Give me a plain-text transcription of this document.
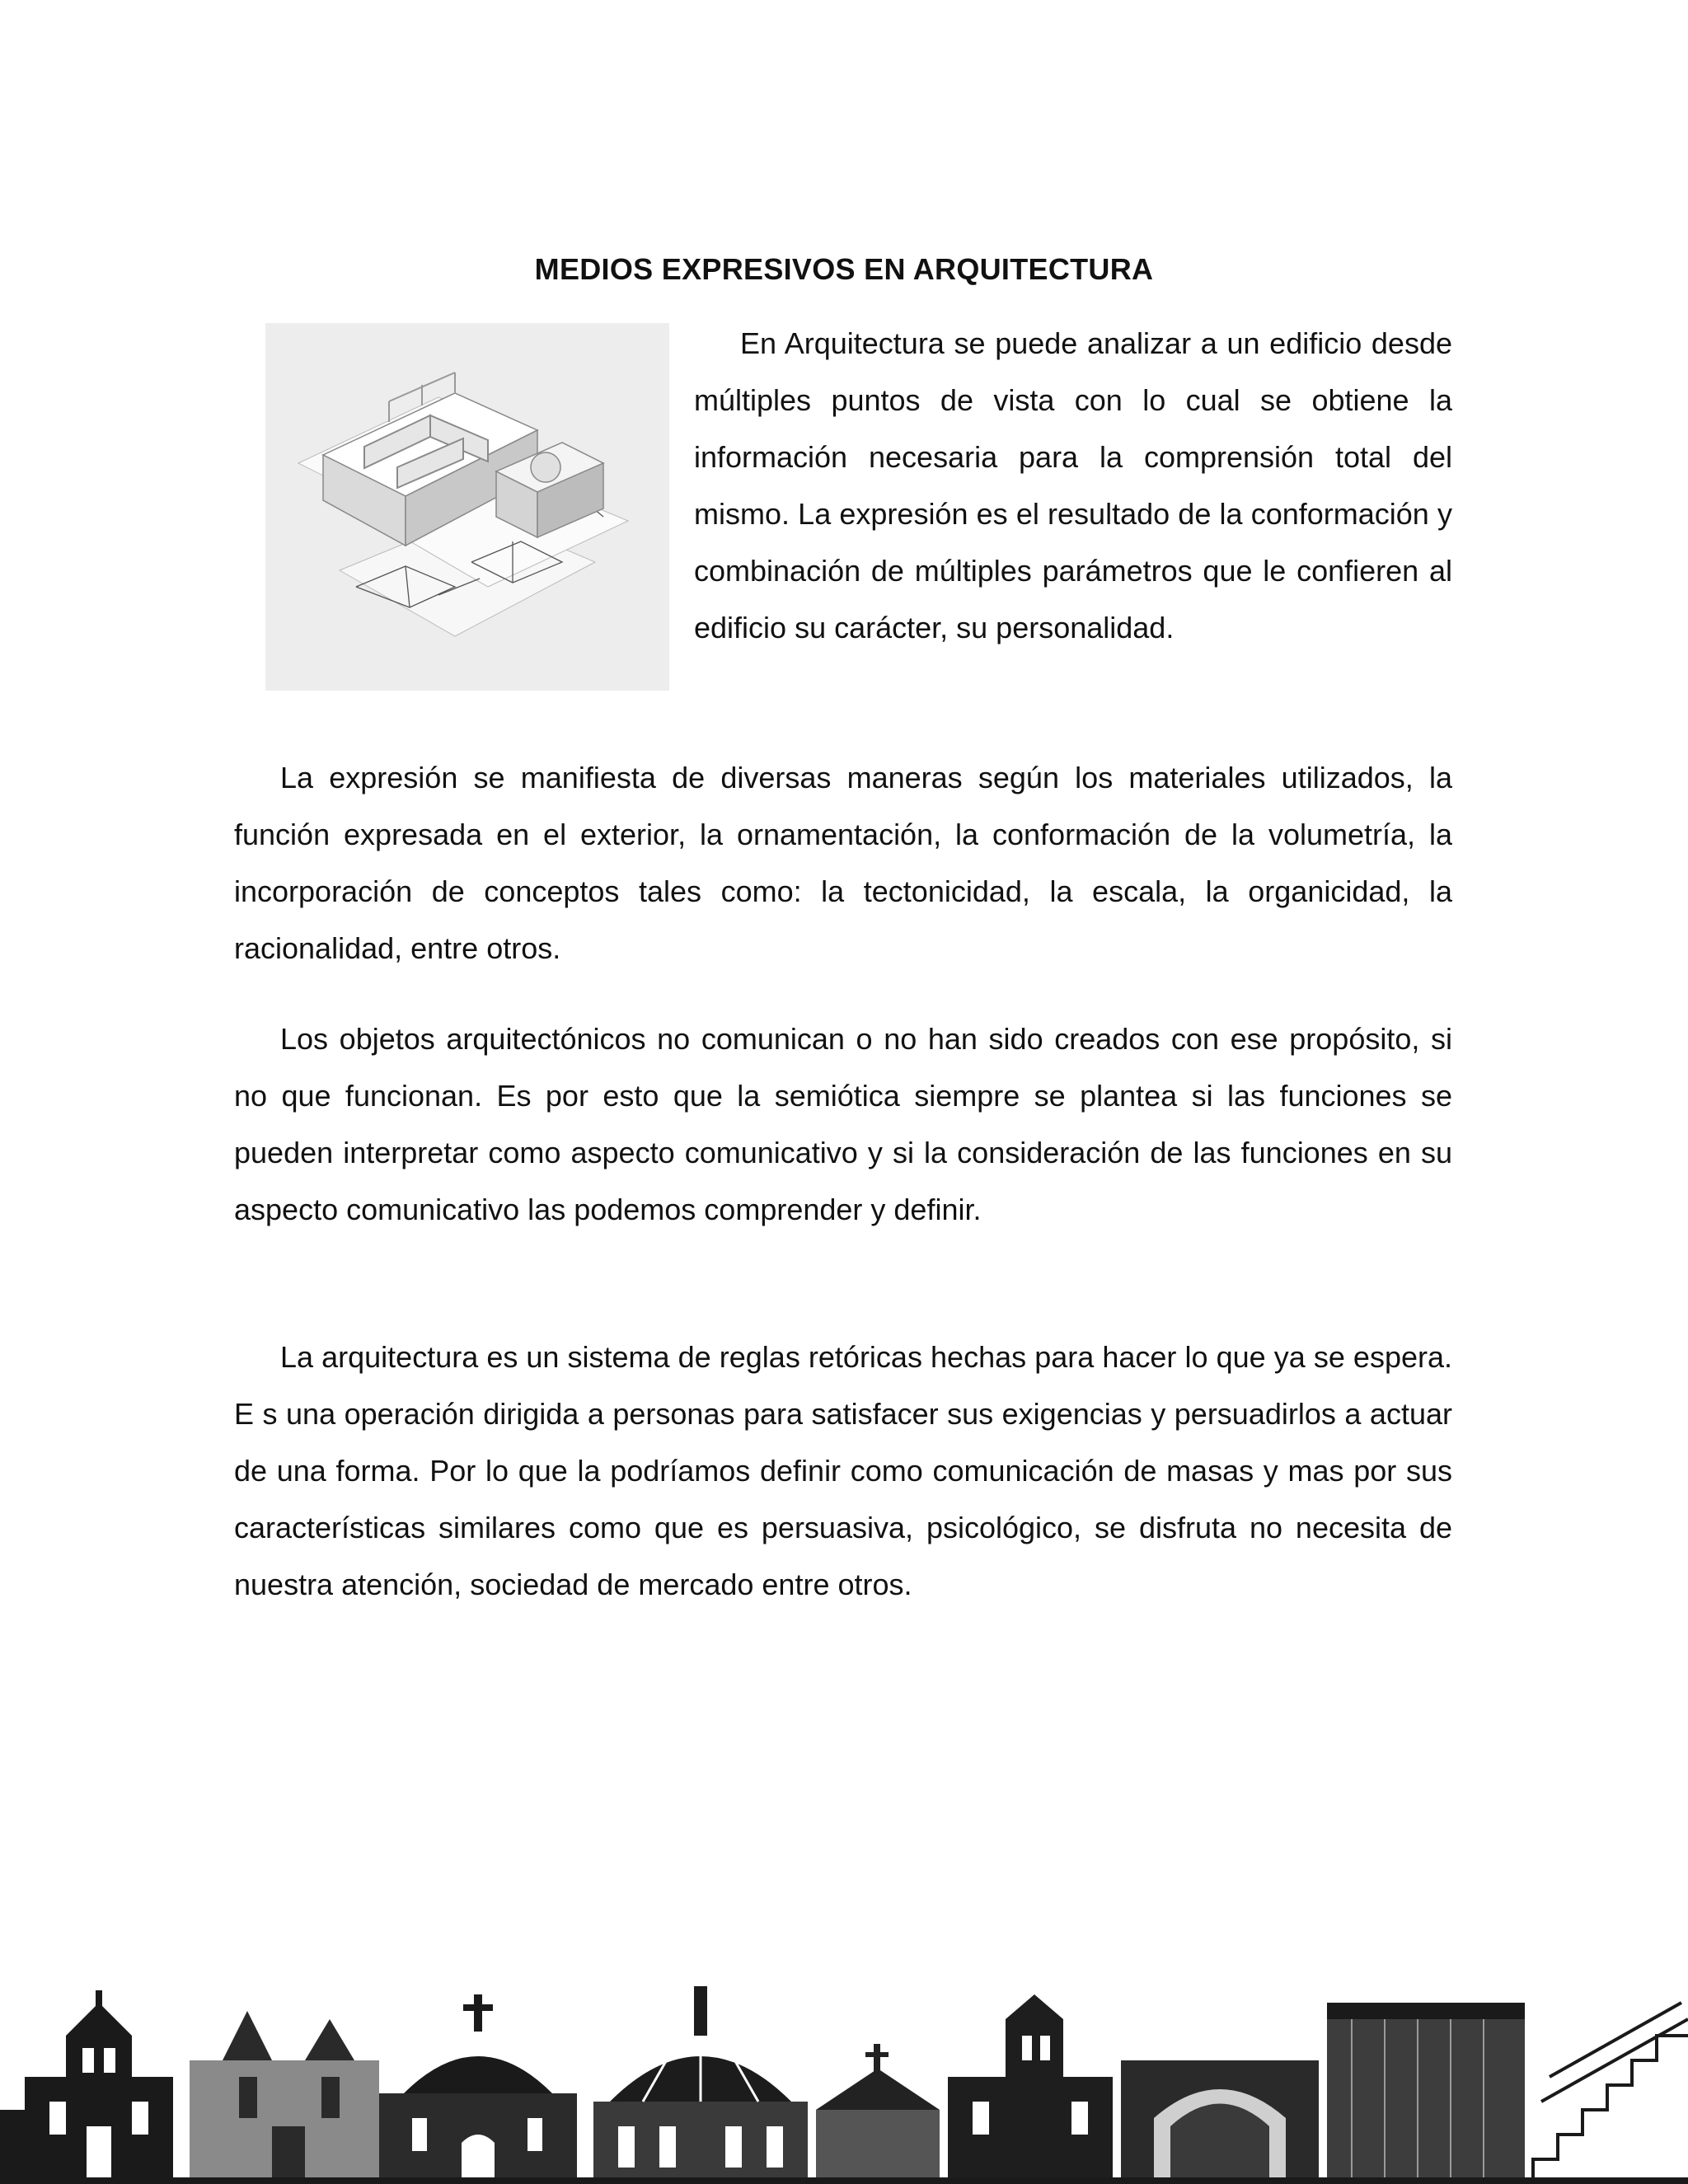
MEDIOS EXPRESIVOS EN ARQUITECTURA

En Arquitectura se puede analizar a un edificio desde múltiples puntos de vista con lo cual se obtiene la información necesaria para la comprensión total del mismo. La expresión es el resultado de la conformación y combinación de múltiples parámetros que le confieren al edificio su carácter, su personalidad.

La expresión se manifiesta de diversas maneras según los materiales utilizados, la función expresada en el exterior, la ornamentación, la conformación de la volumetría, la incorporación de conceptos tales como: la tectonicidad, la escala, la organicidad, la racionalidad, entre otros.

Los objetos arquitectónicos no comunican o no han sido creados con ese propósito, si no que funcionan. Es por esto que la semiótica siempre se plantea si las funciones se pueden interpretar como aspecto comunicativo y si la consideración de las funciones en su aspecto comunicativo las podemos comprender y definir.

La arquitectura es un sistema de reglas retóricas hechas para hacer lo que ya se espera. E s una operación dirigida a personas para satisfacer sus exigencias y persuadirlos a actuar de una forma. Por lo que la podríamos definir como comunicación de masas y mas por sus características similares como que es persuasiva, psicológico, se disfruta no necesita de nuestra atención, sociedad de mercado entre otros.
